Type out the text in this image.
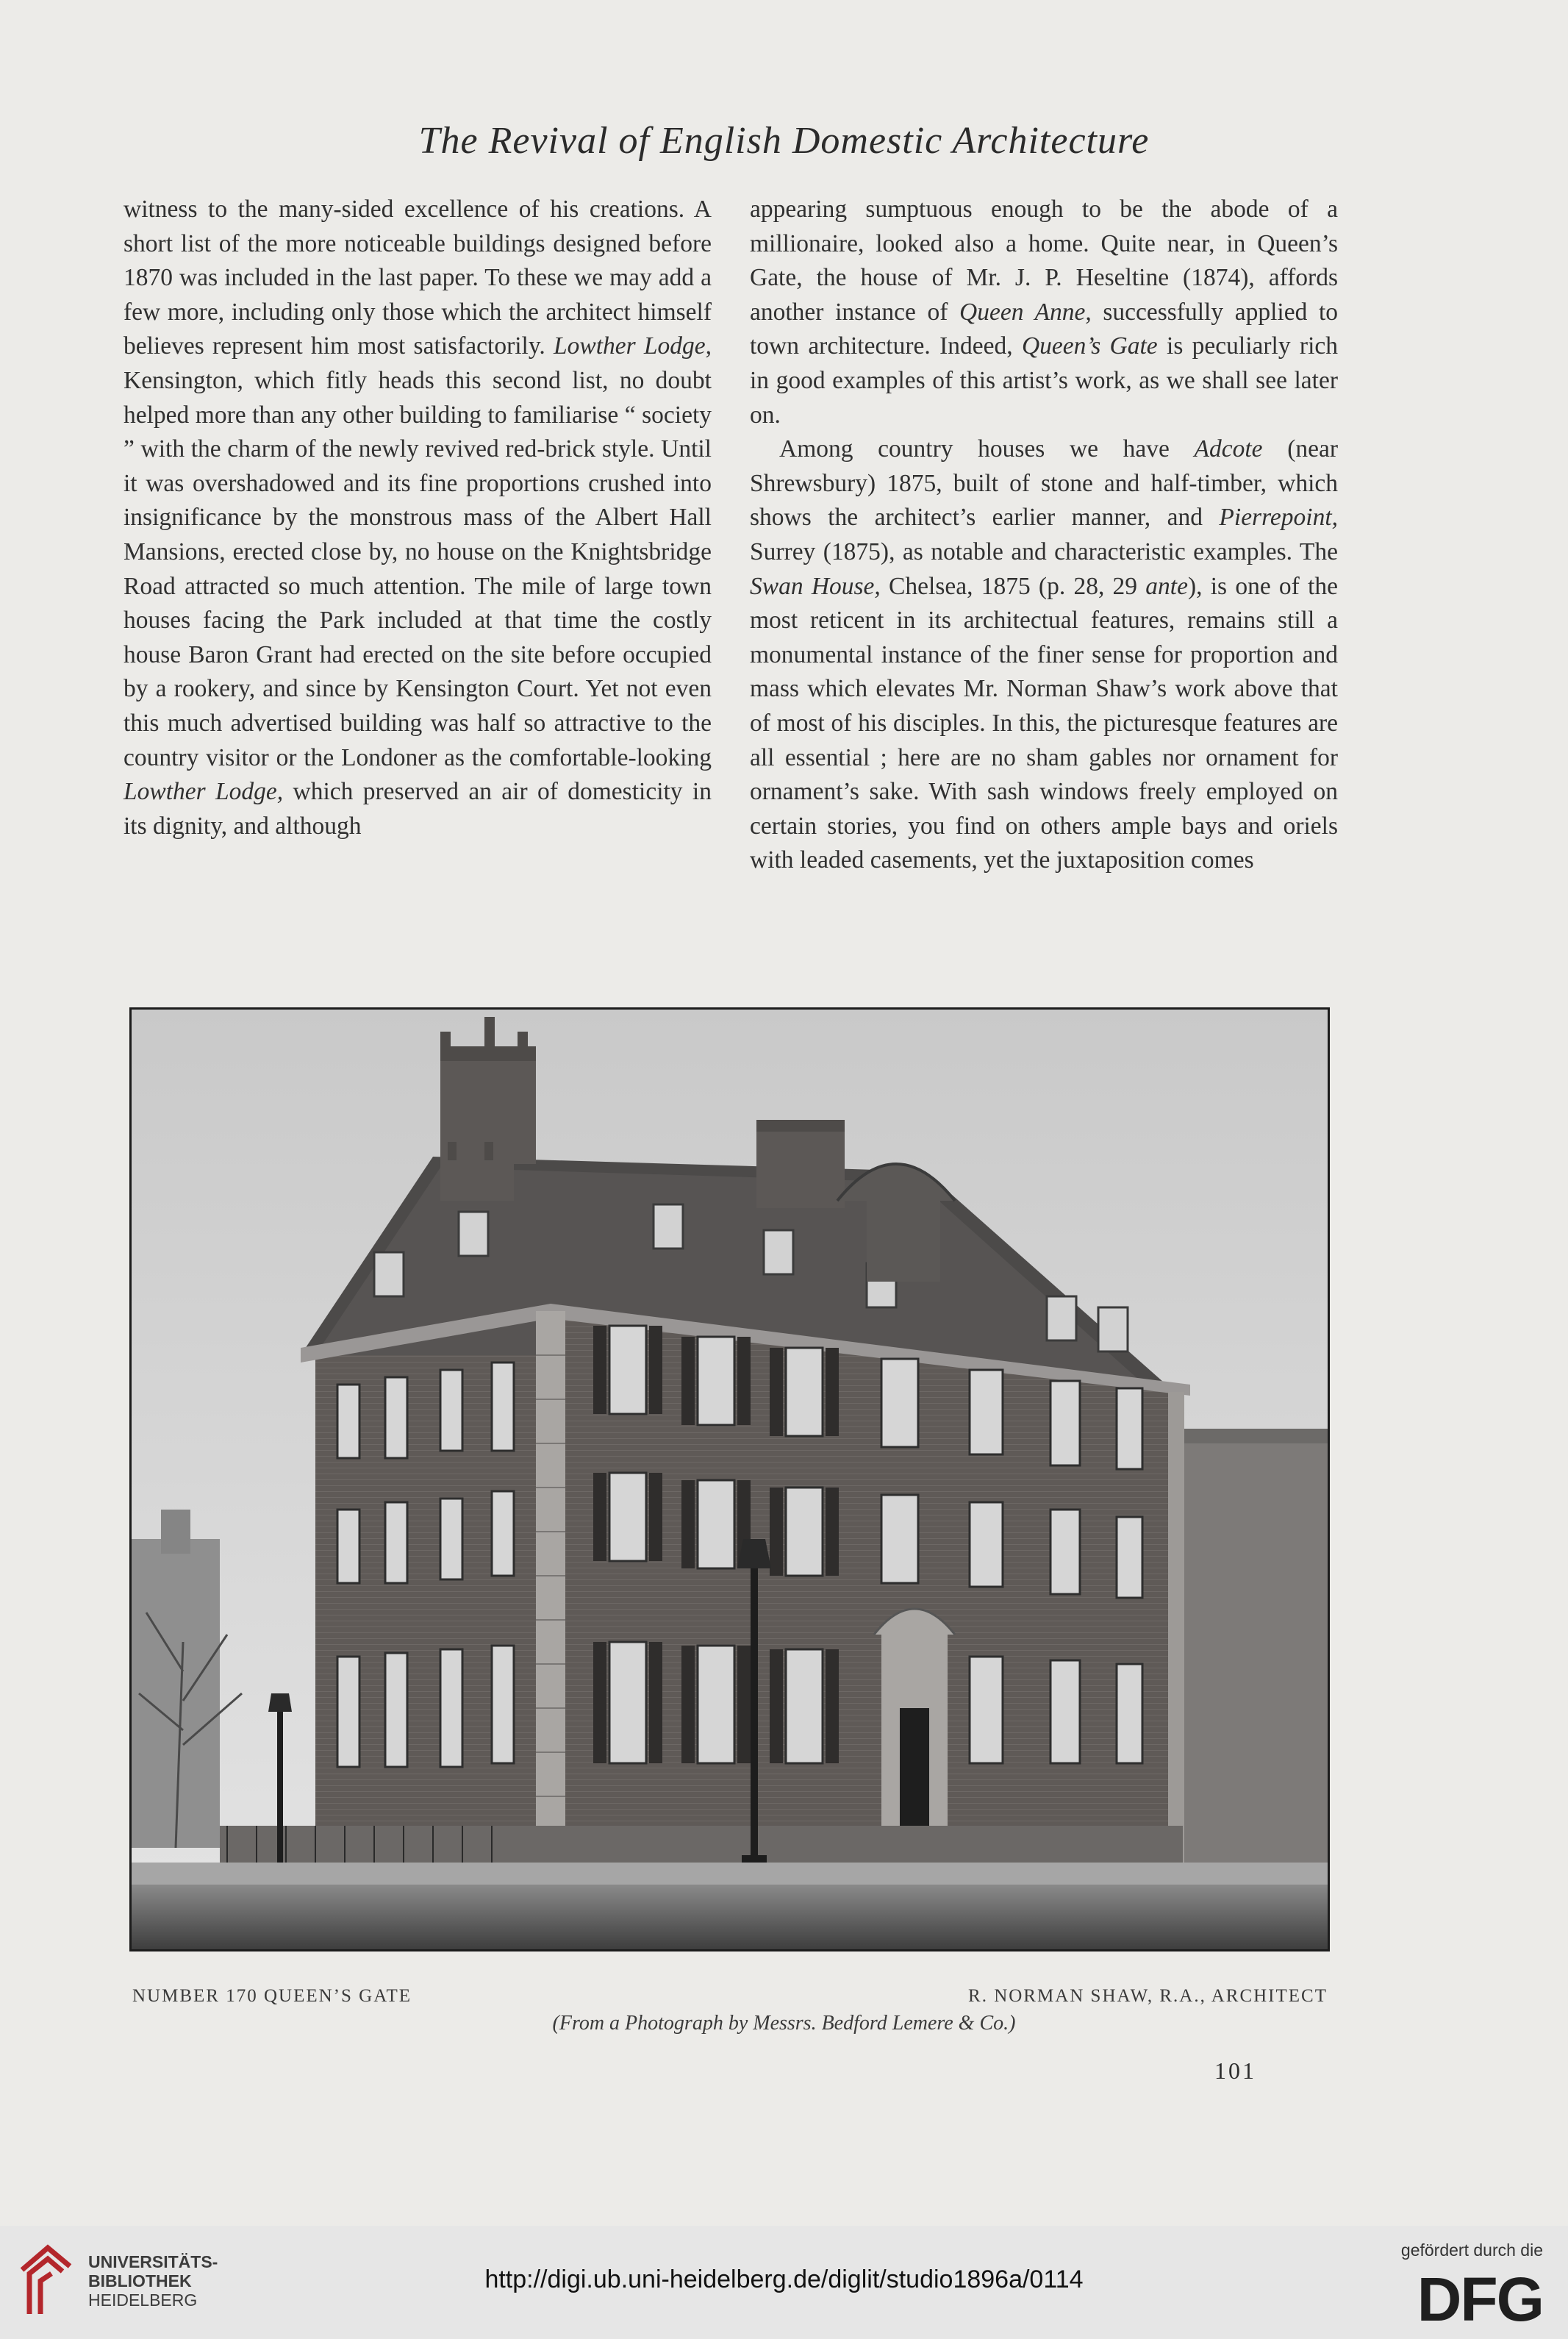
The Revival of English Domestic Architecture

witness to the many-sided excellence of his creations. A short list of the more noticeable buildings designed before 1870 was included in the last paper. To these we may add a few more, including only those which the architect himself believes represent him most satisfactorily. Lowther Lodge, Kensington, which fitly heads this second list, no doubt helped more than any other building to familiarise “ society ” with the charm of the newly revived red-brick style. Until it was overshadowed and its fine proportions crushed into insignificance by the monstrous mass of the Albert Hall Mansions, erected close by, no house on the Knightsbridge Road attracted so much attention. The mile of large town houses facing the Park included at that time the costly house Baron Grant had erected on the site before occupied by a rookery, and since by Kensington Court. Yet not even this much advertised building was half so attractive to the country visitor or the Londoner as the comfortable-looking Lowther Lodge, which preserved an air of domesticity in its dignity, and although

appearing sumptuous enough to be the abode of a millionaire, looked also a home. Quite near, in Queen’s Gate, the house of Mr. J. P. Heseltine (1874), affords another instance of Queen Anne, successfully applied to town architecture. Indeed, Queen’s Gate is peculiarly rich in good examples of this artist’s work, as we shall see later on.

Among country houses we have Adcote (near Shrewsbury) 1875, built of stone and half-timber, which shows the architect’s earlier manner, and Pierrepoint, Surrey (1875), as notable and characteristic examples. The Swan House, Chelsea, 1875 (p. 28, 29 ante), is one of the most reticent in its architectual features, remains still a monumental instance of the finer sense for proportion and mass which elevates Mr. Norman Shaw’s work above that of most of his disciples. In this, the picturesque features are all essential ; here are no sham gables nor ornament for ornament’s sake. With sash windows freely employed on certain stories, you find on others ample bays and oriels with leaded casements, yet the juxtaposition comes

NUMBER 170 QUEEN’S GATE	R. NORMAN SHAW, R.A., ARCHITECT
(From a Photograph by Messrs. Bedford Lemere & Co.)
101
UNIVERSITÄTS-
BIBLIOTHEK
HEIDELBERG
http://digi.ub.uni-heidelberg.de/diglit/studio1896a/0114
gefördert durch die
DFG
